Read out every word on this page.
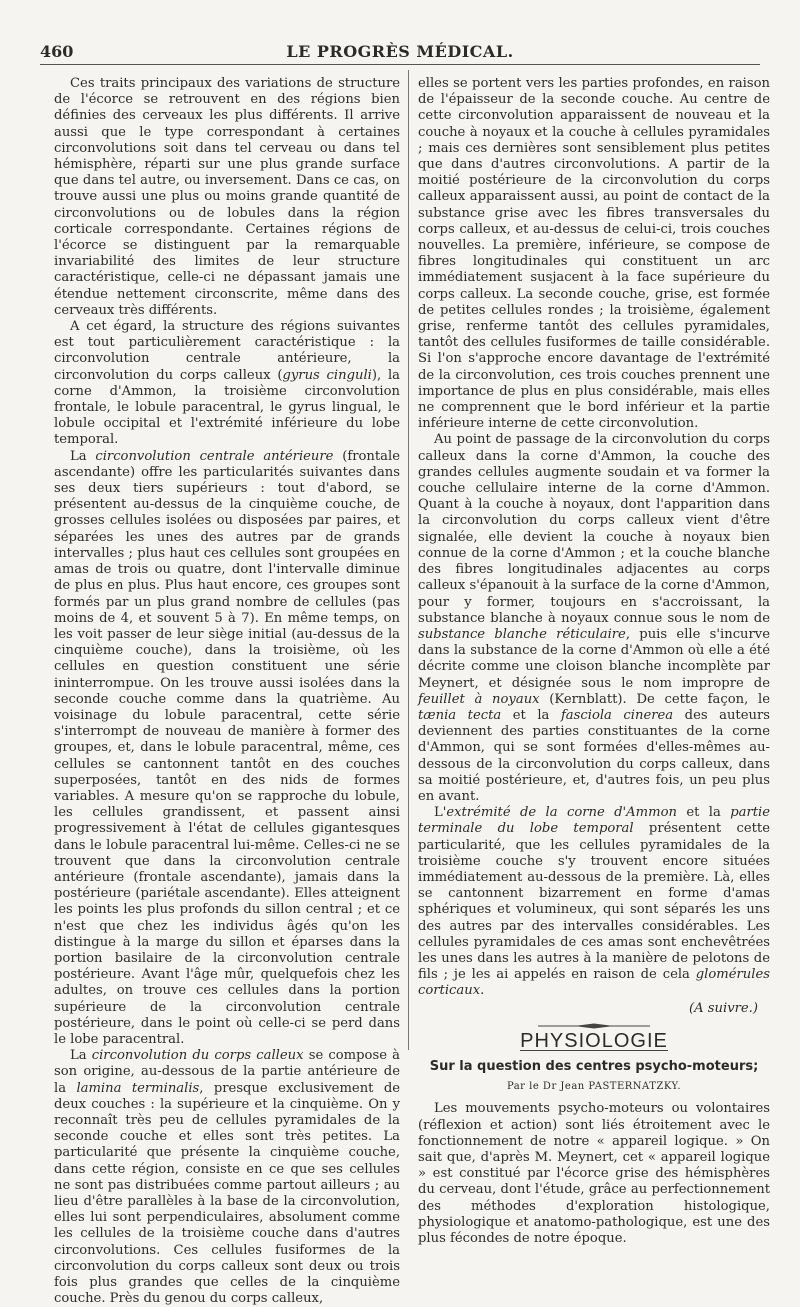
460	LE PROGRÈS MÉDICAL.

Ces traits principaux des variations de structure de l'écorce se retrouvent en des régions bien définies des cerveaux les plus différents. Il arrive aussi que le type correspondant à certaines circonvolutions soit dans tel cerveau ou dans tel hémisphère, réparti sur une plus grande surface que dans tel autre, ou inversement. Dans ce cas, on trouve aussi une plus ou moins grande quantité de circonvolutions ou de lobules dans la région corticale correspondante. Certaines régions de l'écorce se distinguent par la remarquable invariabilité des limites de leur structure caractéristique, celle-ci ne dépassant jamais une étendue nettement circonscrite, même dans des cerveaux très différents.

A cet égard, la structure des régions suivantes est tout particulièrement caractéristique : la circonvolution centrale antérieure, la circonvolution du corps calleux (gyrus cinguli), la corne d'Ammon, la troisième circonvolution frontale, le lobule paracentral, le gyrus lingual, le lobule occipital et l'extrémité inférieure du lobe temporal.

La circonvolution centrale antérieure (frontale ascendante) offre les particularités suivantes dans ses deux tiers supérieurs : tout d'abord, se présentent au-dessus de la cinquième couche, de grosses cellules isolées ou disposées par paires, et séparées les unes des autres par de grands intervalles ; plus haut ces cellules sont groupées en amas de trois ou quatre, dont l'intervalle diminue de plus en plus. Plus haut encore, ces groupes sont formés par un plus grand nombre de cellules (pas moins de 4, et souvent 5 à 7). En même temps, on les voit passer de leur siège initial (au-dessus de la cinquième couche), dans la troisième, où les cellules en question constituent une série ininterrompue. On les trouve aussi isolées dans la seconde couche comme dans la quatrième. Au voisinage du lobule paracentral, cette série s'interrompt de nouveau de manière à former des groupes, et, dans le lobule paracentral, même, ces cellules se cantonnent tantôt en des couches superposées, tantôt en des nids de formes variables. A mesure qu'on se rapproche du lobule, les cellules grandissent, et passent ainsi progressivement à l'état de cellules gigantesques dans le lobule paracentral lui-même. Celles-ci ne se trouvent que dans la circonvolution centrale antérieure (frontale ascendante), jamais dans la postérieure (pariétale ascendante). Elles atteignent les points les plus profonds du sillon central ; et ce n'est que chez les individus âgés qu'on les distingue à la marge du sillon et éparses dans la portion basilaire de la circonvolution centrale postérieure. Avant l'âge mûr, quelquefois chez les adultes, on trouve ces cellules dans la portion supérieure de la circonvolution centrale postérieure, dans le point où celle-ci se perd dans le lobe paracentral.

La circonvolution du corps calleux se compose à son origine, au-dessous de la partie antérieure de la lamina terminalis, presque exclusivement de deux couches : la supérieure et la cinquième. On y reconnaît très peu de cellules pyramidales de la seconde couche et elles sont très petites. La particularité que présente la cinquième couche, dans cette région, consiste en ce que ses cellules ne sont pas distribuées comme partout ailleurs ; au lieu d'être parallèles à la base de la circonvolution, elles lui sont perpendiculaires, absolument comme les cellules de la troisième couche dans d'autres circonvolutions. Ces cellules fusiformes de la circonvolution du corps calleux sont deux ou trois fois plus grandes que celles de la cinquième couche. Près du genou du corps calleux,

elles se portent vers les parties profondes, en raison de l'épaisseur de la seconde couche. Au centre de cette circonvolution apparaissent de nouveau et la couche à noyaux et la couche à cellules pyramidales ; mais ces dernières sont sensiblement plus petites que dans d'autres circonvolutions. A partir de la moitié postérieure de la circonvolution du corps calleux apparaissent aussi, au point de contact de la substance grise avec les fibres transversales du corps calleux, et au-dessus de celui-ci, trois couches nouvelles. La première, inférieure, se compose de fibres longitudinales qui constituent un arc immédiatement susjacent à la face supérieure du corps calleux. La seconde couche, grise, est formée de petites cellules rondes ; la troisième, également grise, renferme tantôt des cellules pyramidales, tantôt des cellules fusiformes de taille considérable. Si l'on s'approche encore davantage de l'extrémité de la circonvolution, ces trois couches prennent une importance de plus en plus considérable, mais elles ne comprennent que le bord inférieur et la partie inférieure interne de cette circonvolution.

Au point de passage de la circonvolution du corps calleux dans la corne d'Ammon, la couche des grandes cellules augmente soudain et va former la couche cellulaire interne de la corne d'Ammon. Quant à la couche à noyaux, dont l'apparition dans la circonvolution du corps calleux vient d'être signalée, elle devient la couche à noyaux bien connue de la corne d'Ammon ; et la couche blanche des fibres longitudinales adjacentes au corps calleux s'épanouit à la surface de la corne d'Ammon, pour y former, toujours en s'accroissant, la substance blanche à noyaux connue sous le nom de substance blanche réticulaire, puis elle s'incurve dans la substance de la corne d'Ammon où elle a été décrite comme une cloison blanche incomplète par Meynert, et désignée sous le nom impropre de feuillet à noyaux (Kernblatt). De cette façon, le tænia tecta et la fasciola cinerea des auteurs deviennent des parties constituantes de la corne d'Ammon, qui se sont formées d'elles-mêmes au-dessous de la circonvolution du corps calleux, dans sa moitié postérieure, et, d'autres fois, un peu plus en avant.

L'extrémité de la corne d'Ammon et la partie terminale du lobe temporal présentent cette particularité, que les cellules pyramidales de la troisième couche s'y trouvent encore situées immédiatement au-dessous de la première. Là, elles se cantonnent bizarrement en forme d'amas sphériques et volumineux, qui sont séparés les uns des autres par des intervalles considérables. Les cellules pyramidales de ces amas sont enchevêtrées les unes dans les autres à la manière de pelotons de fils ; je les ai appelés en raison de cela glomérules corticaux.

(A suivre.)
PHYSIOLOGIE
Sur la question des centres psycho-moteurs;
Par le Dr Jean PASTERNATZKY.

Les mouvements psycho-moteurs ou volontaires (réflexion et action) sont liés étroitement avec le fonctionnement de notre « appareil logique. » On sait que, d'après M. Meynert, cet « appareil logique » est constitué par l'écorce grise des hémisphères du cerveau, dont l'étude, grâce au perfectionnement des méthodes d'exploration histologique, physiologique et anatomo-pathologique, est une des plus fécondes de notre époque.
